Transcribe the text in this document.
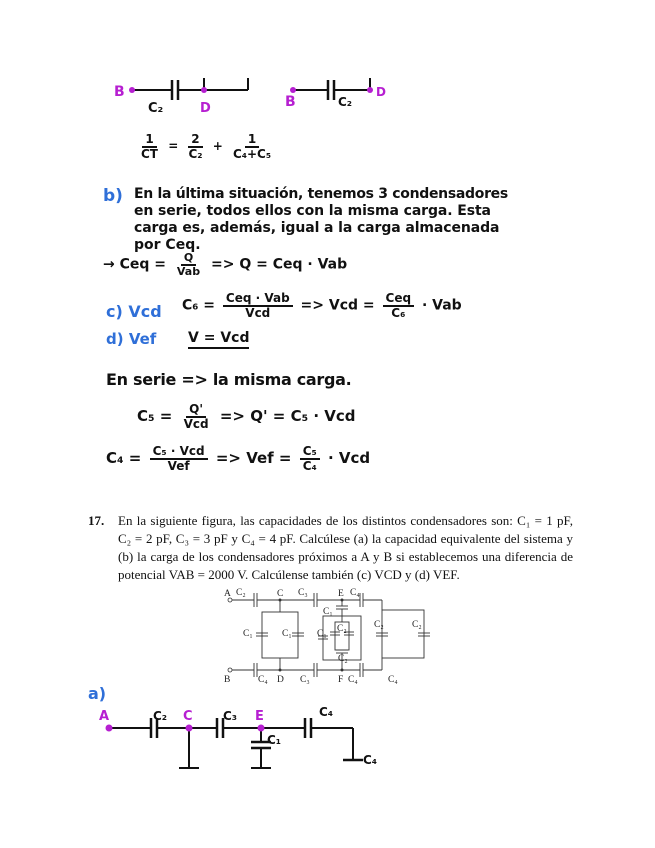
B
C₂	D	B	C₂
D
$\frac{1}{CT} = \frac{2}{\text{C₂}} + \frac{1}{\text{C₄+C₅}}$
b) En la última situación, tenemos 3 condensadores
en serie, todos ellos con la misma carga. Esta
carga es, además, igual a la carga almacenada
por Ceq.
→ Ceq = $\frac{Q}{\text{Vab}} => Q$ = Ceq · Vab
c) Vcd $C_6 = \frac{\text{Ceq · Vab}}{\text{Vcd}}$ => Vcd = $\frac{\text{Ceq}}{\text{C₆}}$ · Vab
d) Vef V = Vcd
En serie => la misma carga.
$C_5 = \frac{Q'}{\text{Vcd}} => Q' = C_5$ · Vcd
$C_4 = \frac{\text{C₅ · Vcd}}{\text{Vef}}$ => Vef = $\frac{\text{C₅}}{\text{C₄}}$ · Vcd
17. En la siguiente figura, las capacidades de los distintos condensadores son: C₁ = 1 pF, C₂ = 2 pF, C₃ = 3 pF y C₄ = 4 pF. Calcúlese (a) la capacidad equivalente del sistema y (b) la carga de los condensadores próximos a A y B si establecemos una diferencia de potencial VAB = 2000 V. Calcúlense también (c) VCD y (d) VEF.
A
B
C
D
E
F
C₂	C₃	C₄
C₁	C₁	C₁
C₁
C₂
C₂
C₂	C₂
C₄	C₃	C₄	C₄
a)
A	C	E
C₂	C₃	C₄
C₁
C₄
